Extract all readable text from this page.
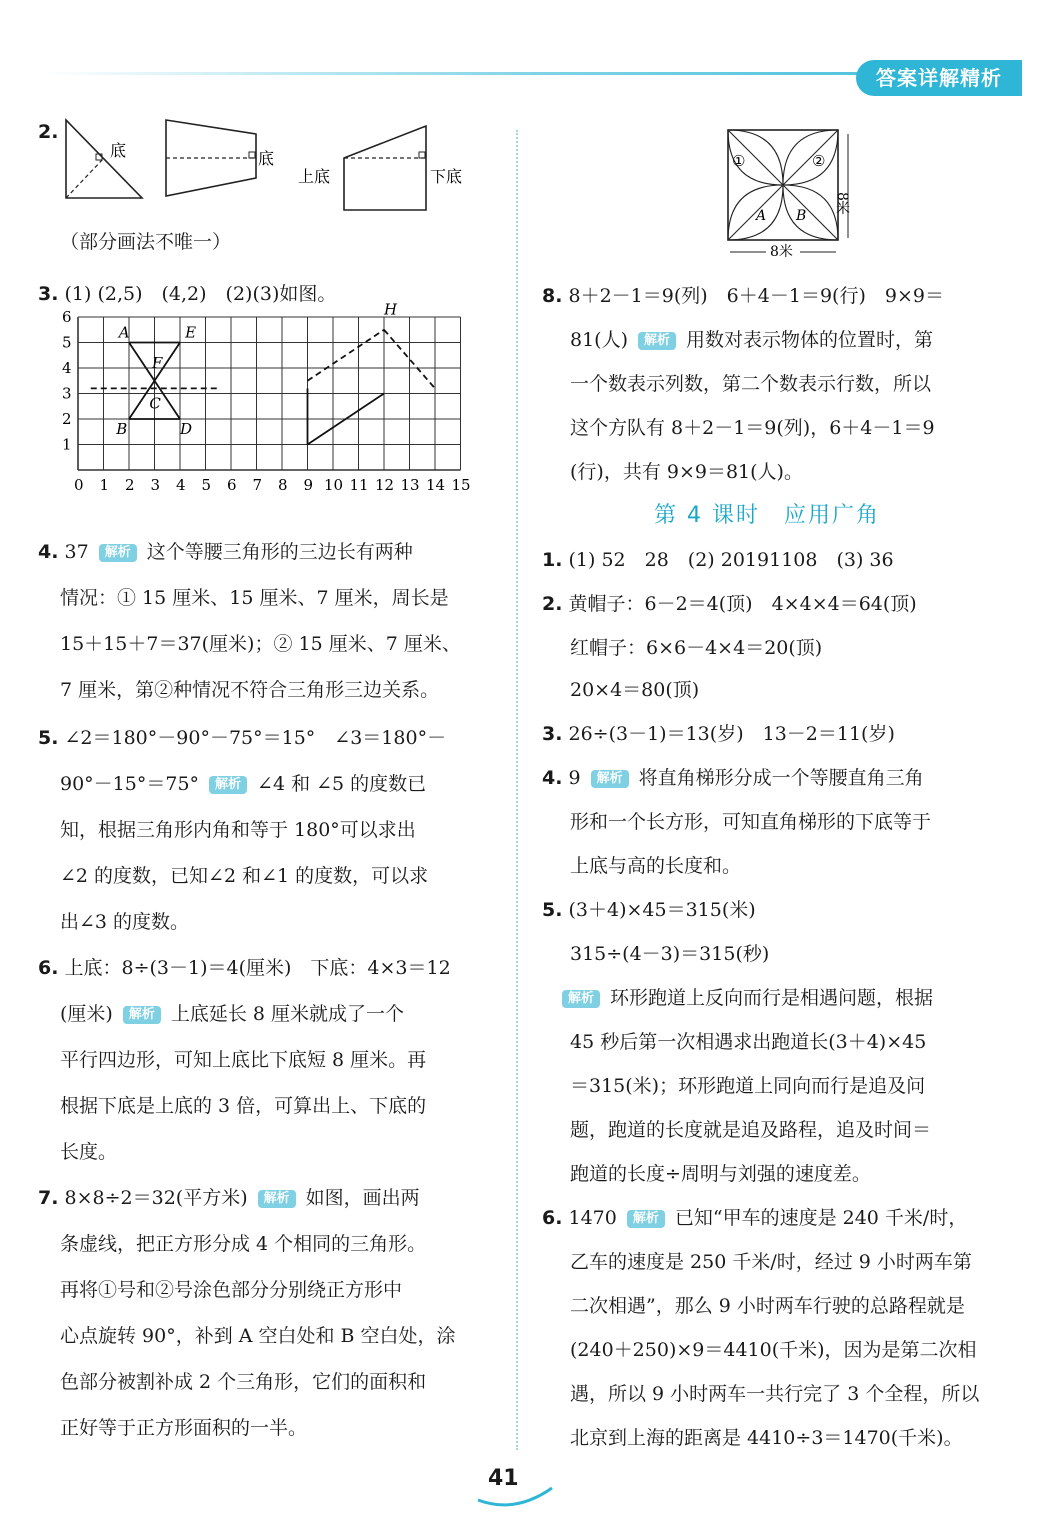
答案详解精析
2.
底	底
上底	下底
（部分画法不唯一）
3. (1) (2,5)　(4,2)　(2)(3)如图。
0 1 2 3 4 5 6 7 8 9 10 11 12 13 14 15
1
2
3
4
5
6
A
B
C
D
E
F
H
4. 37 解析 这个等腰三角形的三边长有两种
情况：① 15 厘米、15 厘米、7 厘米，周长是
15＋15＋7＝37(厘米)；② 15 厘米、7 厘米、
7 厘米，第②种情况不符合三角形三边关系。
5. ∠2＝180°－90°－75°＝15°　∠3＝180°－
90°－15°＝75° 解析 ∠4 和 ∠5 的度数已
知，根据三角形内角和等于 180°可以求出
∠2 的度数，已知∠2 和∠1 的度数，可以求
出∠3 的度数。
6. 上底：8÷(3－1)＝4(厘米)　下底：4×3＝12
(厘米) 解析 上底延长 8 厘米就成了一个
平行四边形，可知上底比下底短 8 厘米。再
根据下底是上底的 3 倍，可算出上、下底的
长度。
7. 8×8÷2＝32(平方米) 解析 如图，画出两
条虚线，把正方形分成 4 个相同的三角形。
再将①号和②号涂色部分分别绕正方形中
心点旋转 90°，补到 A 空白处和 B 空白处，涂
色部分被割补成 2 个三角形，它们的面积和
正好等于正方形面积的一半。
①	②
A B
8米
8米
8. 8＋2－1＝9(列)　6＋4－1＝9(行)　9×9＝
81(人) 解析 用数对表示物体的位置时，第
一个数表示列数，第二个数表示行数，所以
这个方队有 8＋2－1＝9(列)，6＋4－1＝9
(行)，共有 9×9＝81(人)。
第 4 课时　应用广角
1. (1) 52　28　(2) 20191108　(3) 36
2. 黄帽子：6－2＝4(顶)　4×4×4＝64(顶)
红帽子：6×6－4×4＝20(顶)
20×4＝80(顶)
3. 26÷(3－1)＝13(岁)　13－2＝11(岁)
4. 9 解析 将直角梯形分成一个等腰直角三角
形和一个长方形，可知直角梯形的下底等于
上底与高的长度和。
5. (3＋4)×45＝315(米)
315÷(4－3)＝315(秒)
解析 环形跑道上反向而行是相遇问题，根据
45 秒后第一次相遇求出跑道长(3＋4)×45
＝315(米)；环形跑道上同向而行是追及问
题，跑道的长度就是追及路程，追及时间＝
跑道的长度÷周明与刘强的速度差。
6. 1470 解析 已知“甲车的速度是 240 千米/时，
乙车的速度是 250 千米/时，经过 9 小时两车第
二次相遇”，那么 9 小时两车行驶的总路程就是
(240＋250)×9＝4410(千米)，因为是第二次相
遇，所以 9 小时两车一共行完了 3 个全程，所以
北京到上海的距离是 4410÷3＝1470(千米)。
41
